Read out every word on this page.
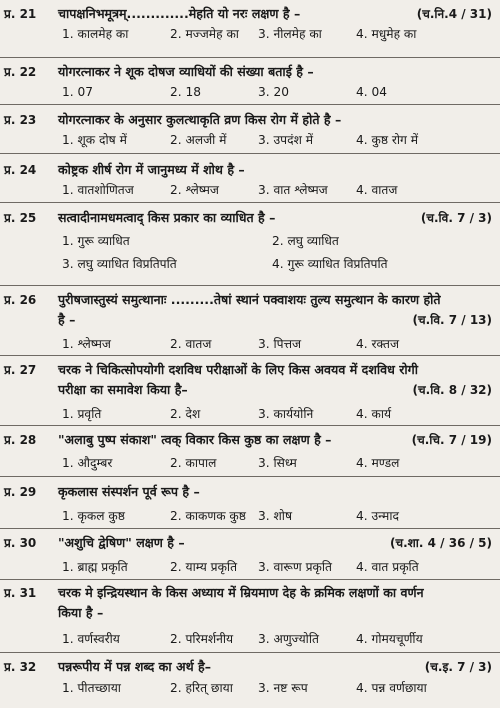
प्र. 21 चापक्षनिभमूत्रम्.............मेहति यो नरः लक्षण है –	(च.नि.4 / 31)
1. कालमेह का	2. मज्जमेह का 3. नीलमेह का	4. मधुमेह का
प्र. 22 योगरत्नाकर ने शूक दोषज व्याधियों की संख्या बताई है –
1. 07	2. 18	3. 20	4. 04
प्र. 23 योगरत्नाकर के अनुसार कुलत्थाकृति व्रण किस रोग में होते है –
1. शूक दोष में	2. अलजी में	3. उपदंश में	4. कुष्ठ रोग में
प्र. 24 कोष्ट्रक शीर्ष रोग में जानुमध्य में शोथ है –
1. वातशोणितज	2. श्लेष्मज	3. वात श्लेष्मज 4. वातज
प्र. 25 सत्वादीनामधमत्वाद् किस प्रकार का व्याधित है –	(च.वि. 7 / 3)
1. गुरू व्याधित	2. लघु व्याधित
3. लघु व्याधित विप्रतिपति	4. गुरू व्याधित विप्रतिपति
प्र. 26 पुरीषजास्तुस्यं समुत्थानाः .........तेषां स्थानं पक्वाशयः तुल्य समुत्थान के कारण होते
है –	(च.वि. 7 / 13)
1. श्लेष्मज	2. वातज	3. पित्तज	4. रक्तज
प्र. 27 चरक ने चिकित्सोपयोगी दशविध परीक्षाओं के लिए किस अवयव में दशविध रोगी
परीक्षा का समावेश किया है–	(च.वि. 8 / 32)
1. प्रवृति	2. देश	3. कार्ययोनि	4. कार्य
प्र. 28 "अलाबु पुष्प संकाश" त्वक् विकार किस कुष्ठ का लक्षण है –	(च.चि. 7 / 19)
1. औदुम्बर	2. कापाल	3. सिध्म	4. मण्डल
प्र. 29 कृकलास संस्पर्शन पूर्व रूप है –
1. कृकल कुष्ठ	2. काकणक कुष्ठ 3. शोष	4. उन्माद
प्र. 30 "अशुचि द्वेषिण" लक्षण है –	(च.शा. 4 / 36 / 5)
1. ब्राह्म प्रकृति	2. याम्य प्रकृति 3. वारूण प्रकृति 4. वात प्रकृति
प्र. 31 चरक मे इन्द्रियस्थान के किस अध्याय में म्रियमाण देह के क्रमिक लक्षणों का वर्णन
किया है –
1. वर्णस्वरीय	2. परिमर्शनीय 3. अणुज्योति	4. गोमयचूर्णीय
प्र. 32 पन्नरूपीय में पन्न शब्द का अर्थ है–	(च.इ. 7 / 3)
1. पीतच्छाया	2. हरित् छाया 3. नष्ट रूप	4. पन्न वर्णछाया
